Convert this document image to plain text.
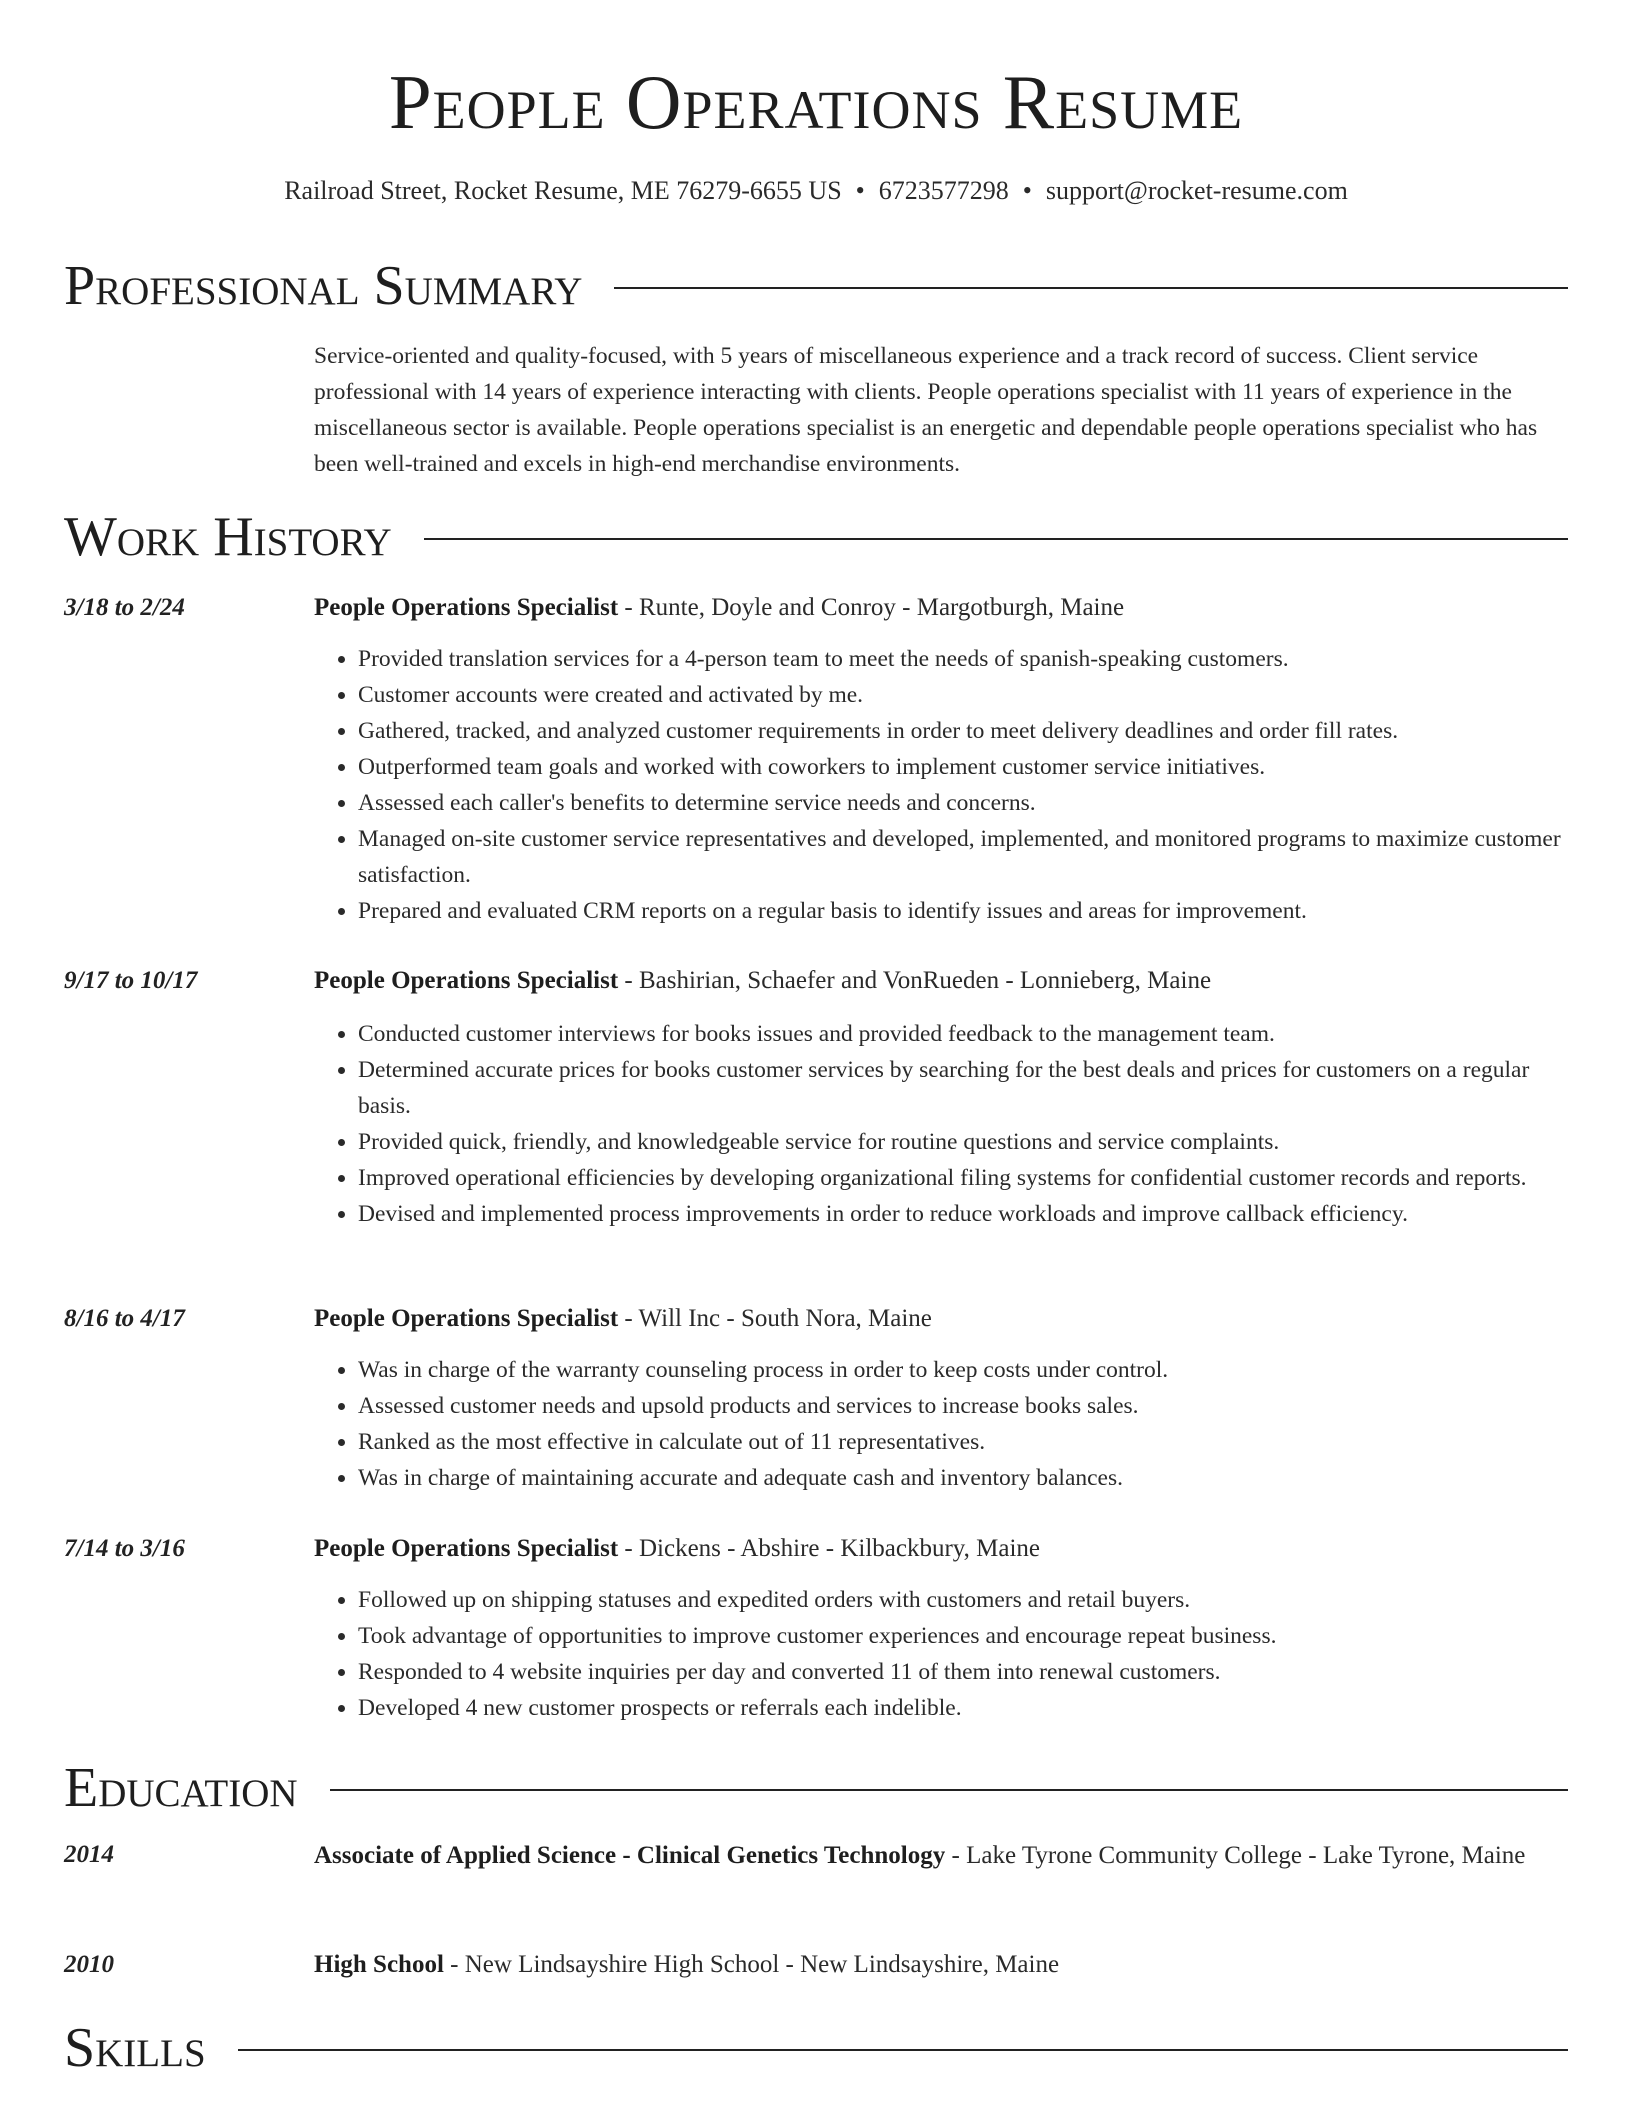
People Operations Resume
Railroad Street, Rocket Resume, ME 76279-6655 US • 6723577298 • support@rocket-resume.com
Professional Summary
Service-oriented and quality-focused, with 5 years of miscellaneous experience and a track record of success. Client service professional with 14 years of experience interacting with clients. People operations specialist with 11 years of experience in the miscellaneous sector is available. People operations specialist is an energetic and dependable people operations specialist who has been well-trained and excels in high-end merchandise environments.
Work History
3/18 to 2/24	People Operations Specialist - Runte, Doyle and Conroy - Margotburgh, Maine
• Provided translation services for a 4-person team to meet the needs of spanish-speaking customers.
• Customer accounts were created and activated by me.
• Gathered, tracked, and analyzed customer requirements in order to meet delivery deadlines and order fill rates.
• Outperformed team goals and worked with coworkers to implement customer service initiatives.
• Assessed each caller's benefits to determine service needs and concerns.
• Managed on-site customer service representatives and developed, implemented, and monitored programs to maximize customer satisfaction.
• Prepared and evaluated CRM reports on a regular basis to identify issues and areas for improvement.
9/17 to 10/17	People Operations Specialist - Bashirian, Schaefer and VonRueden - Lonnieberg, Maine
• Conducted customer interviews for books issues and provided feedback to the management team.
• Determined accurate prices for books customer services by searching for the best deals and prices for customers on a regular basis.
• Provided quick, friendly, and knowledgeable service for routine questions and service complaints.
• Improved operational efficiencies by developing organizational filing systems for confidential customer records and reports.
• Devised and implemented process improvements in order to reduce workloads and improve callback efficiency.
8/16 to 4/17	People Operations Specialist - Will Inc - South Nora, Maine
• Was in charge of the warranty counseling process in order to keep costs under control.
• Assessed customer needs and upsold products and services to increase books sales.
• Ranked as the most effective in calculate out of 11 representatives.
• Was in charge of maintaining accurate and adequate cash and inventory balances.
7/14 to 3/16	People Operations Specialist - Dickens - Abshire - Kilbackbury, Maine
• Followed up on shipping statuses and expedited orders with customers and retail buyers.
• Took advantage of opportunities to improve customer experiences and encourage repeat business.
• Responded to 4 website inquiries per day and converted 11 of them into renewal customers.
• Developed 4 new customer prospects or referrals each indelible.
Education
2014	Associate of Applied Science - Clinical Genetics Technology - Lake Tyrone Community College - Lake Tyrone, Maine
2010	High School - New Lindsayshire High School - New Lindsayshire, Maine
Skills
